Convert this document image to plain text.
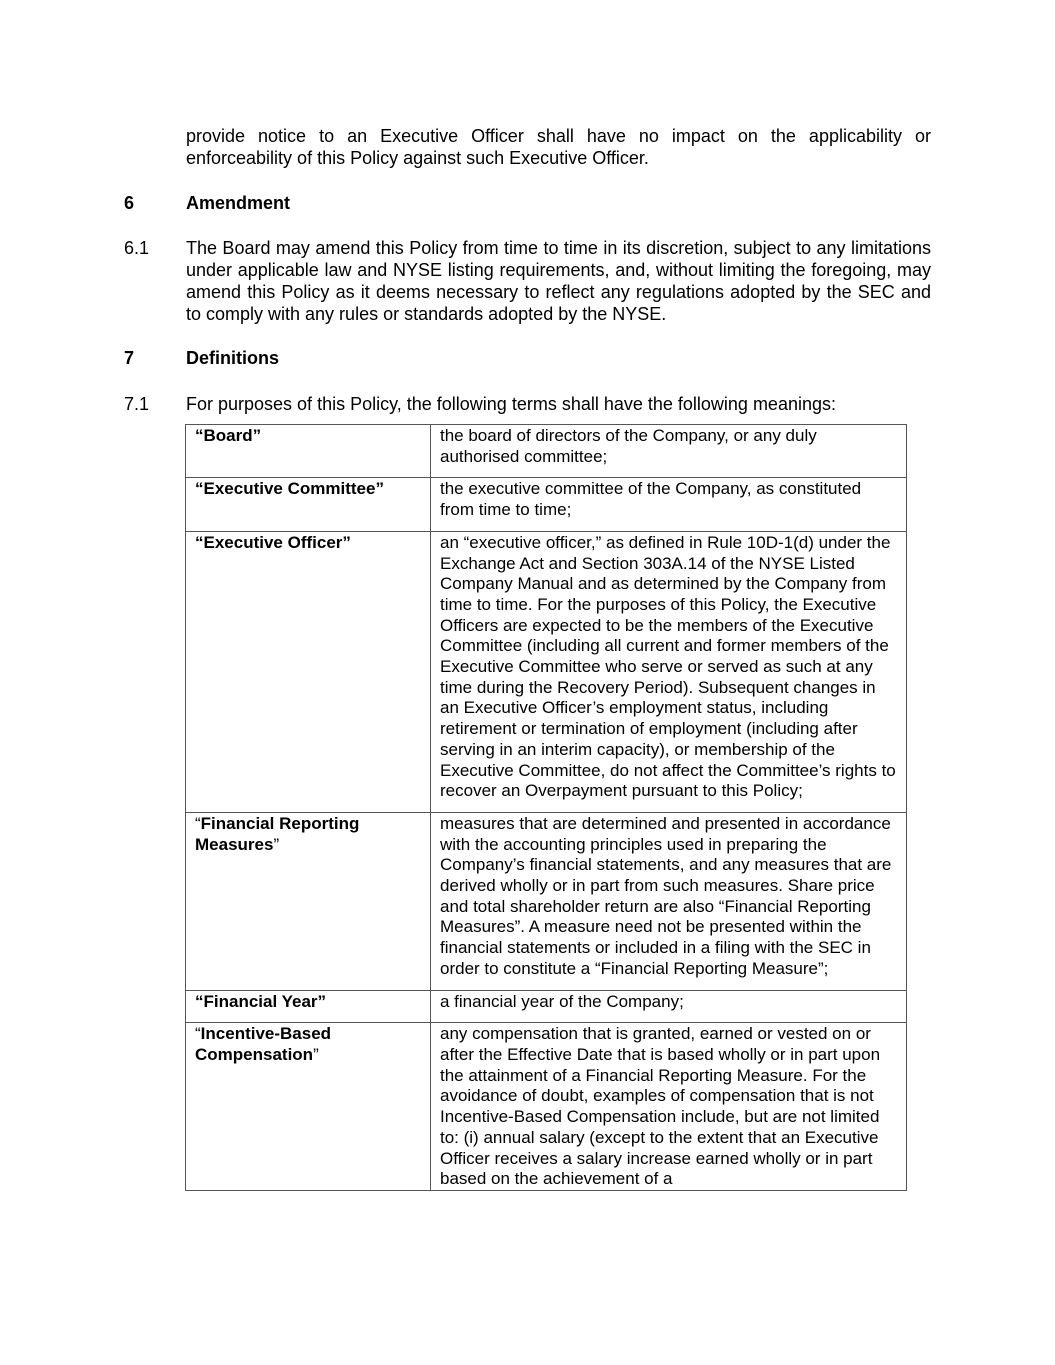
provide notice to an Executive Officer shall have no impact on the applicability or enforceability of this Policy against such Executive Officer.

6	Amendment

6.1 The Board may amend this Policy from time to time in its discretion, subject to any limitations under applicable law and NYSE listing requirements, and, without limiting the foregoing, may amend this Policy as it deems necessary to reflect any regulations adopted by the SEC and to comply with any rules or standards adopted by the NYSE.

7	Definitions

7.1 For purposes of this Policy, the following terms shall have the following meanings:

“Board”	the board of directors of the Company, or any duly authorised committee;
“Executive Committee”	the executive committee of the Company, as constituted from time to time;
“Executive Officer”	an “executive officer,” as defined in Rule 10D-1(d) under the Exchange Act and Section 303A.14 of the NYSE Listed Company Manual and as determined by the Company from time to time. For the purposes of this Policy, the Executive Officers are expected to be the members of the Executive Committee (including all current and former members of the Executive Committee who serve or served as such at any time during the Recovery Period). Subsequent changes in an Executive Officer’s employment status, including retirement or termination of employment (including after serving in an interim capacity), or membership of the Executive Committee, do not affect the Committee’s rights to recover an Overpayment pursuant to this Policy;
“Financial Reporting Measures”	measures that are determined and presented in accordance with the accounting principles used in preparing the Company’s financial statements, and any measures that are derived wholly or in part from such measures. Share price and total shareholder return are also “Financial Reporting Measures”. A measure need not be presented within the financial statements or included in a filing with the SEC in order to constitute a “Financial Reporting Measure”;
“Financial Year”	a financial year of the Company;
“Incentive-Based Compensation”	any compensation that is granted, earned or vested on or after the Effective Date that is based wholly or in part upon the attainment of a Financial Reporting Measure. For the avoidance of doubt, examples of compensation that is not Incentive-Based Compensation include, but are not limited to: (i) annual salary (except to the extent that an Executive Officer receives a salary increase earned wholly or in part based on the achievement of a
